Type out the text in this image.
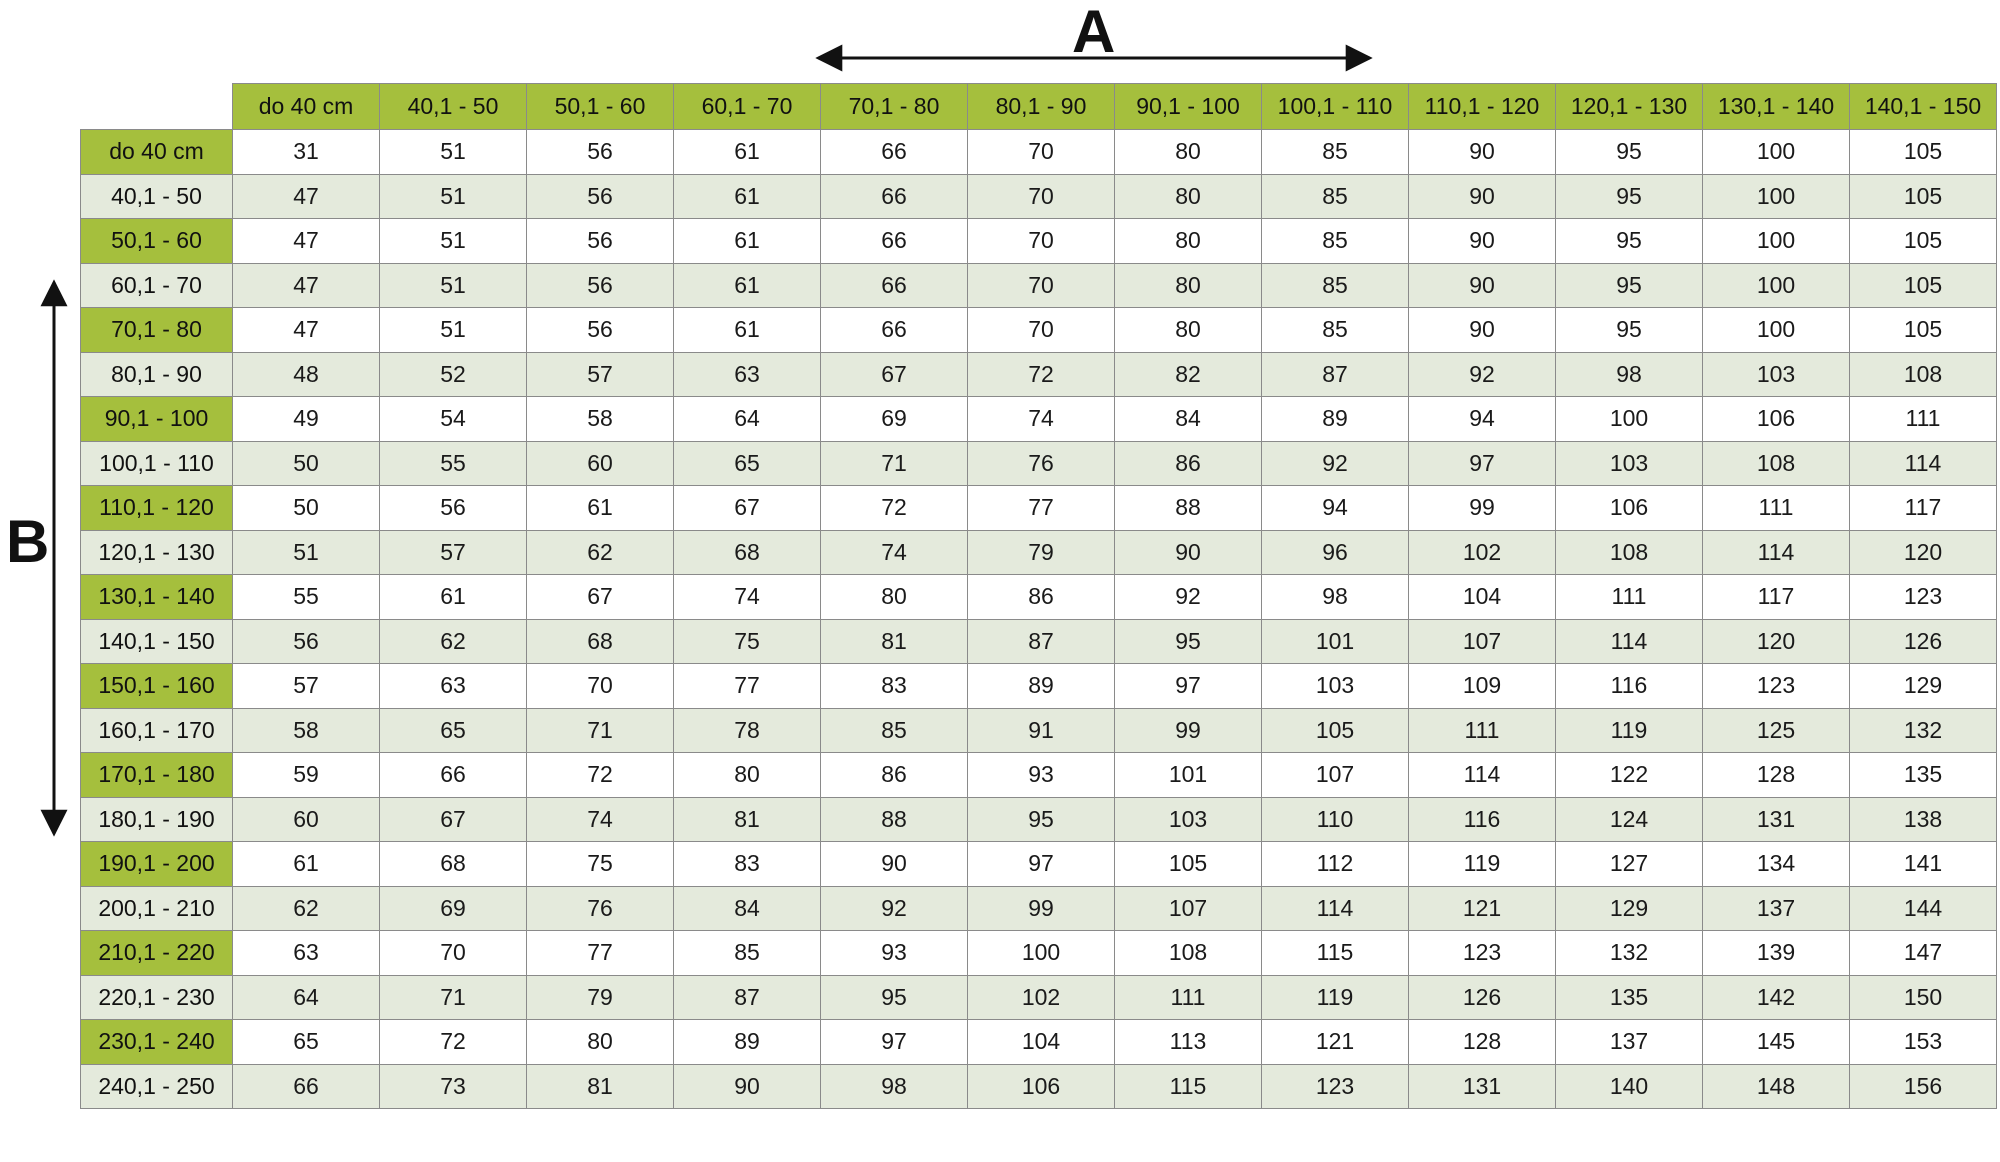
A
B
	do 40 cm	40,1 - 50	50,1 - 60	60,1 - 70	70,1 - 80	80,1 - 90	90,1 - 100	100,1 - 110	110,1 - 120	120,1 - 130	130,1 - 140	140,1 - 150
do 40 cm	31	51	56	61	66	70	80	85	90	95	100	105
40,1 - 50	47	51	56	61	66	70	80	85	90	95	100	105
50,1 - 60	47	51	56	61	66	70	80	85	90	95	100	105
60,1 - 70	47	51	56	61	66	70	80	85	90	95	100	105
70,1 - 80	47	51	56	61	66	70	80	85	90	95	100	105
80,1 - 90	48	52	57	63	67	72	82	87	92	98	103	108
90,1 - 100	49	54	58	64	69	74	84	89	94	100	106	111
100,1 - 110	50	55	60	65	71	76	86	92	97	103	108	114
110,1 - 120	50	56	61	67	72	77	88	94	99	106	111	117
120,1 - 130	51	57	62	68	74	79	90	96	102	108	114	120
130,1 - 140	55	61	67	74	80	86	92	98	104	111	117	123
140,1 - 150	56	62	68	75	81	87	95	101	107	114	120	126
150,1 - 160	57	63	70	77	83	89	97	103	109	116	123	129
160,1 - 170	58	65	71	78	85	91	99	105	111	119	125	132
170,1 - 180	59	66	72	80	86	93	101	107	114	122	128	135
180,1 - 190	60	67	74	81	88	95	103	110	116	124	131	138
190,1 - 200	61	68	75	83	90	97	105	112	119	127	134	141
200,1 - 210	62	69	76	84	92	99	107	114	121	129	137	144
210,1 - 220	63	70	77	85	93	100	108	115	123	132	139	147
220,1 - 230	64	71	79	87	95	102	111	119	126	135	142	150
230,1 - 240	65	72	80	89	97	104	113	121	128	137	145	153
240,1 - 250	66	73	81	90	98	106	115	123	131	140	148	156
